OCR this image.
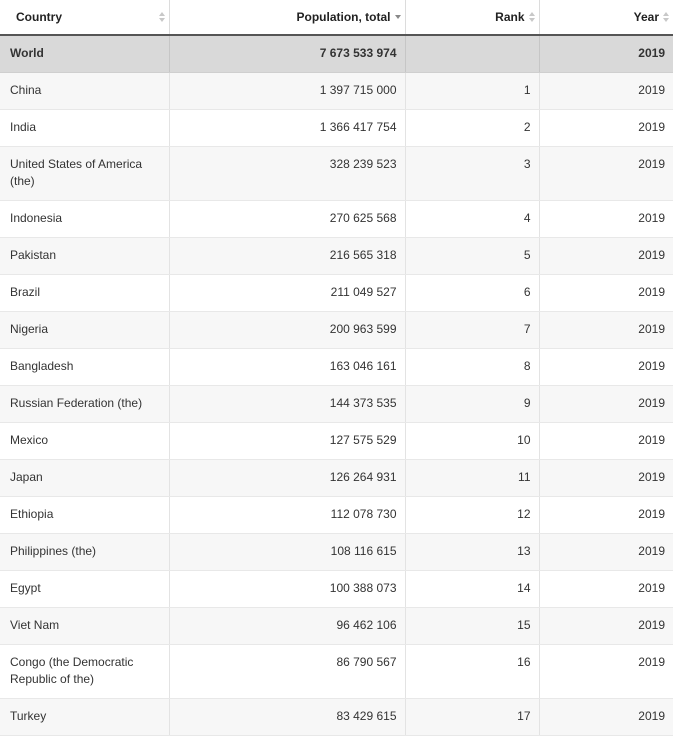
Country	Population, total	Rank	Year

World	7 673 533 974		2019
China	1 397 715 000	1	2019
India	1 366 417 754	2	2019
United States of America (the)	328 239 523	3	2019
Indonesia	270 625 568	4	2019
Pakistan	216 565 318	5	2019
Brazil	211 049 527	6	2019
Nigeria	200 963 599	7	2019
Bangladesh	163 046 161	8	2019
Russian Federation (the)	144 373 535	9	2019
Mexico	127 575 529	10	2019
Japan	126 264 931	11	2019
Ethiopia	112 078 730	12	2019
Philippines (the)	108 116 615	13	2019
Egypt	100 388 073	14	2019
Viet Nam	96 462 106	15	2019
Congo (the Democratic Republic of the)	86 790 567	16	2019
Turkey	83 429 615	17	2019
